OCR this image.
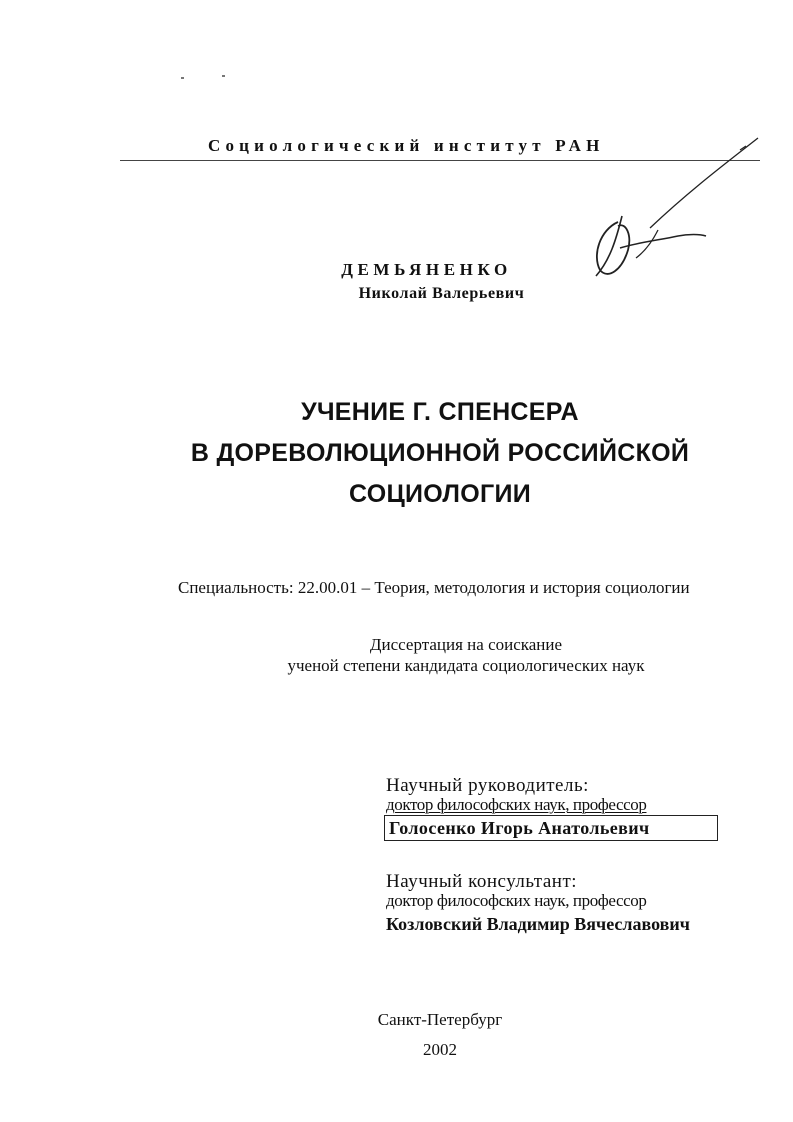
Социологический институт РАН
ДЕМЬЯНЕНКО
Николай Валерьевич
УЧЕНИЕ Г. СПЕНСЕРА
В ДОРЕВОЛЮЦИОННОЙ РОССИЙСКОЙ
СОЦИОЛОГИИ
Специальность: 22.00.01 – Теория, методология и история социологии
Диссертация на соискание
ученой степени кандидата социологических наук
Научный руководитель:
доктор философских наук, профессор
Голосенко Игорь Анатольевич
Научный консультант:
доктор философских наук, профессор
Козловский Владимир Вячеславович
Санкт-Петербург
2002
